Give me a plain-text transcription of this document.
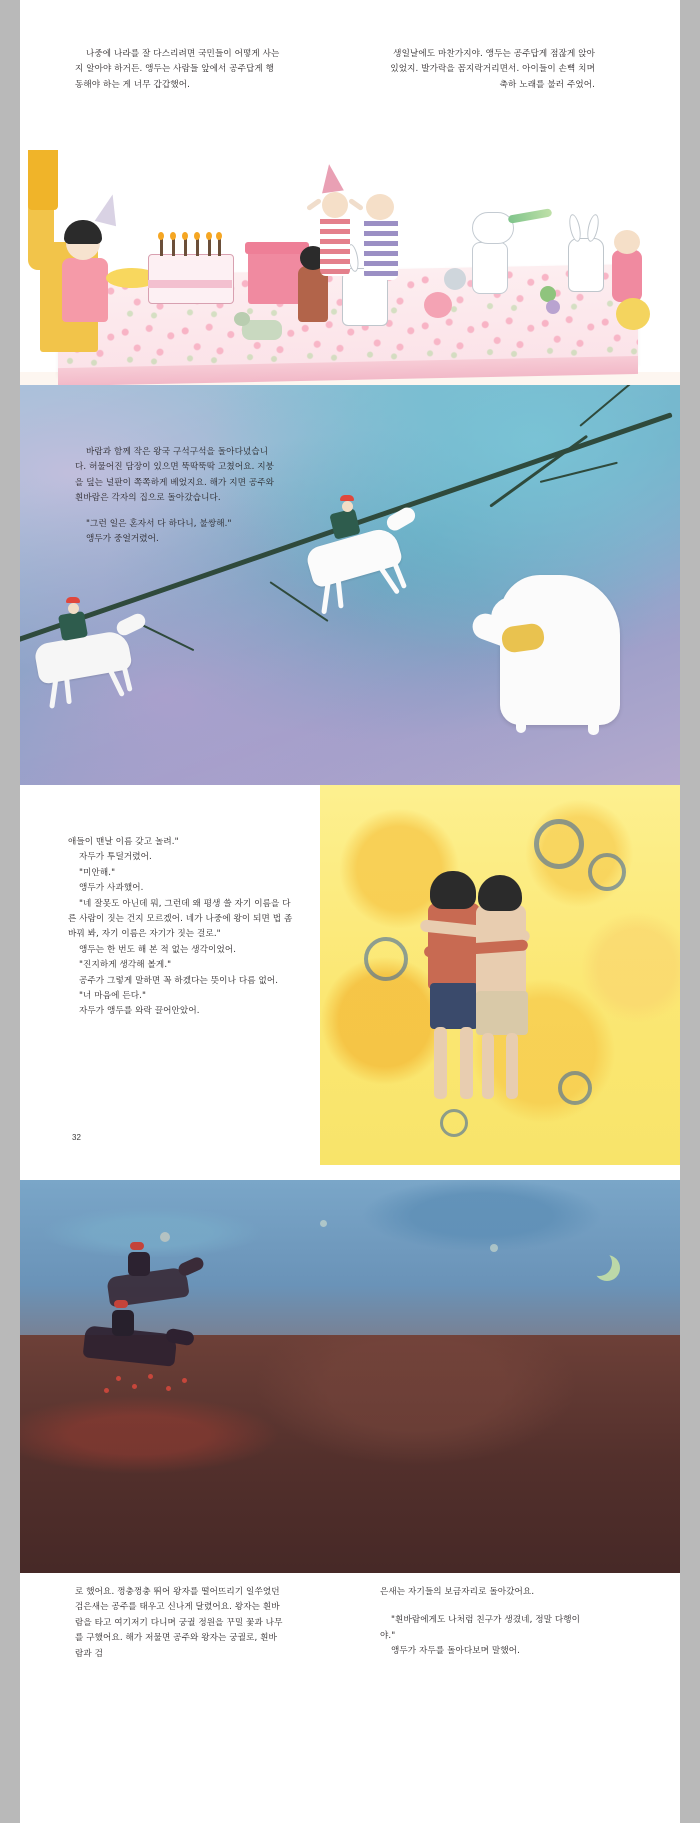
나중에 나라를 잘 다스리려면 국민들이 어떻게 사는지 알아야 하거든. 앵두는 사람들 앞에서 공주답게 행동해야 하는 게 너무 갑갑했어.

생일날에도 마찬가지야. 앵두는 공주답게 점잖게 앉아 있었지. 발가락을 꼼지락거리면서. 아이들이 손뼉 치며 축하 노래를 불러 주었어.

바람과 함께 작은 왕국 구석구석을 돌아다녔습니다. 허물어진 담장이 있으면 뚝딱뚝딱 고쳤어요. 지붕을 덮는 널판이 쪽쪽하게 베었지요. 해가 지면 공주와 흰바람은 각자의 집으로 돌아갔습니다.

"그런 일은 혼자서 다 하다니, 불쌍해."

앵두가 중얼거렸어.

애들이 맨날 이름 갖고 놀려."

자두가 투덜거렸어.

"미안해."

앵두가 사과했어.

"네 잘못도 아닌데 뭐, 그런데 왜 평생 쓸 자기 이름을 다른 사람이 짓는 건지 모르겠어. 네가 나중에 왕이 되면 법 좀 바꿔 봐, 자기 이름은 자기가 짓는 걸로."

앵두는 한 번도 해 본 적 없는 생각이었어.

"진지하게 생각해 볼게."

공주가 그렇게 말하면 꼭 하겠다는 뜻이나 다름 없어.

"너 마음에 든다."

자두가 앵두를 와락 끌어안았어.

32

로 했어요. 껑충껑충 뛰어 왕자를 떨어뜨리기 일쑤였던 검은새는 공주를 태우고 신나게 달렸어요. 왕자는 흰바람을 타고 여기저기 다니며 궁궐 정원을 꾸밀 꽃과 나무를 구했어요. 해가 저물면 공주와 왕자는 궁궐로, 흰바람과 검

은새는 자기들의 보금자리로 돌아갔어요.

"흰바람에게도 나처럼 친구가 생겼네, 정말 다행이야."

앵두가 자두를 돌아다보며 말했어.
